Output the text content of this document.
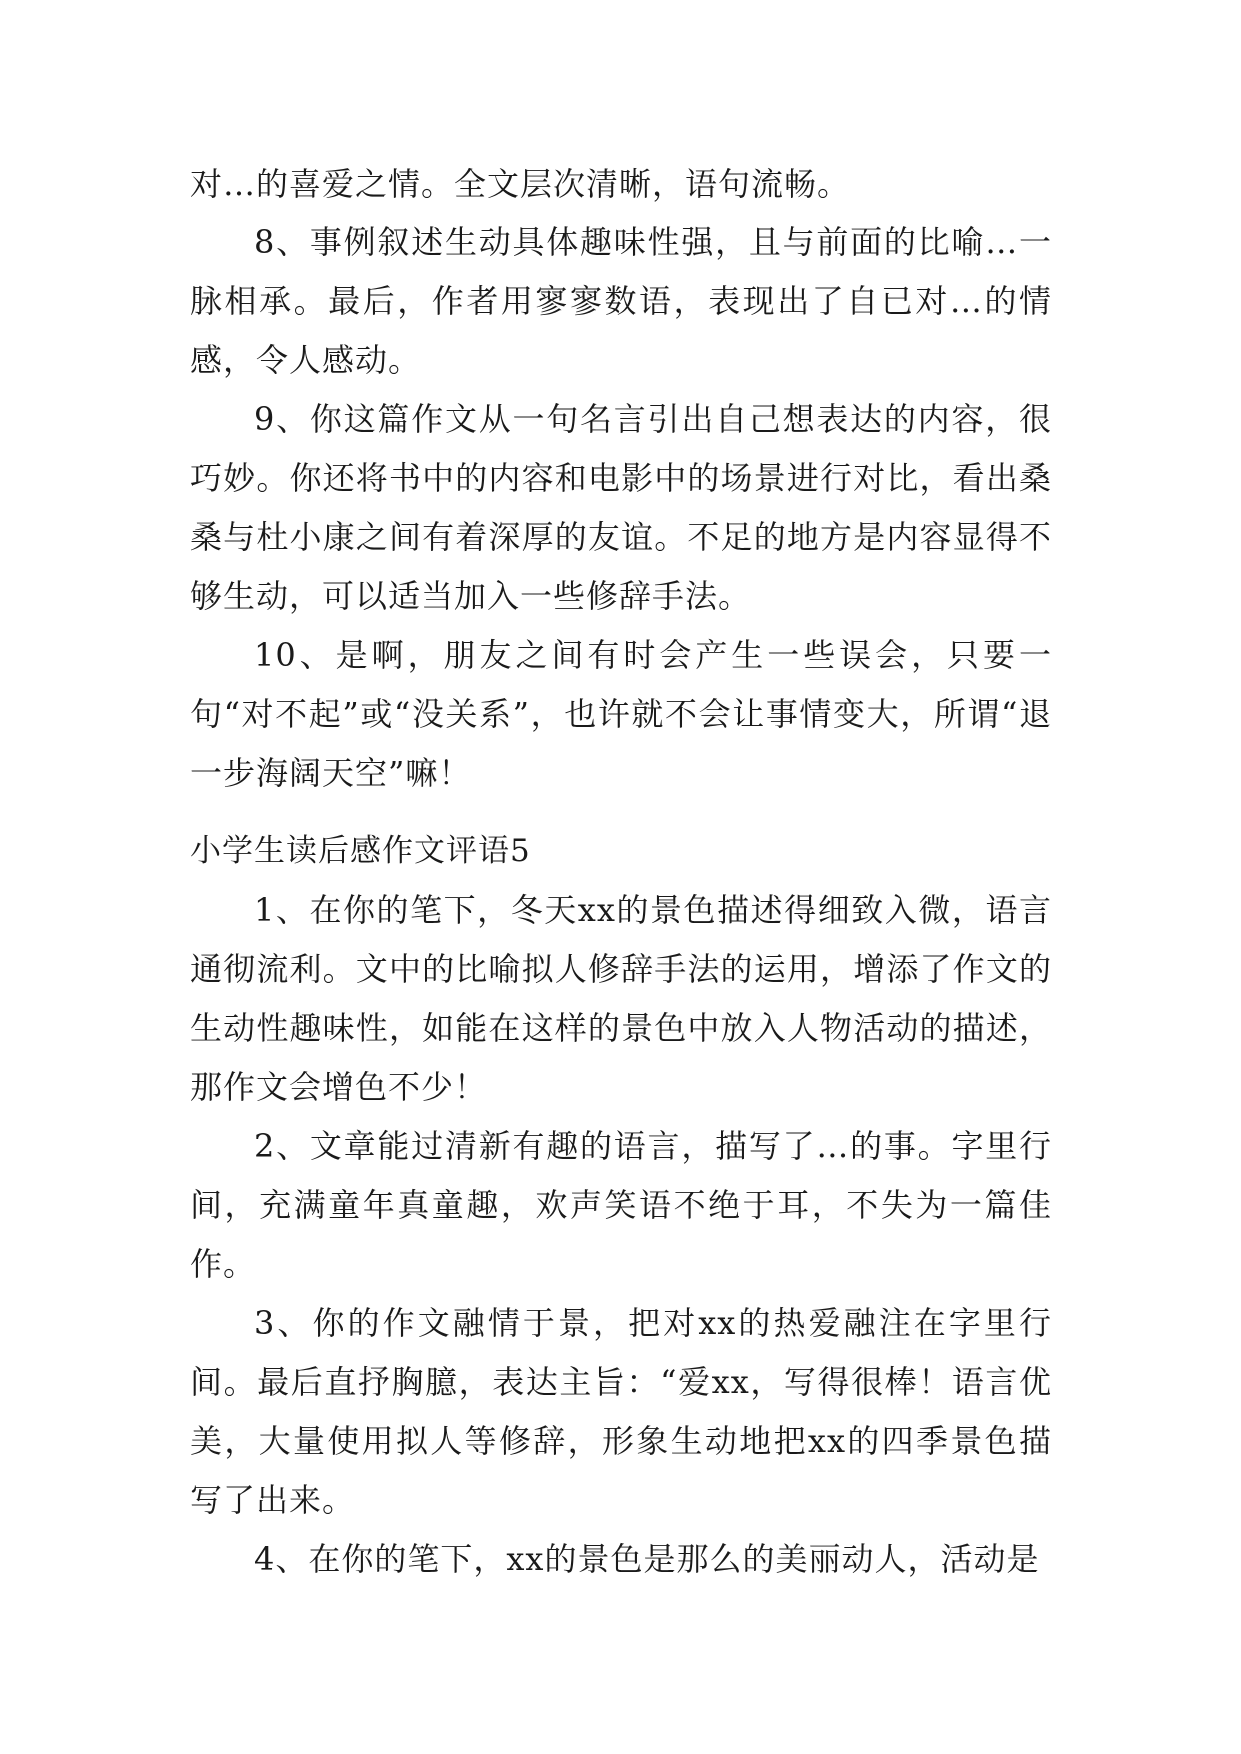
对…的喜爱之情。全文层次清晰，语句流畅。

8、事例叙述生动具体趣味性强，且与前面的比喻…一脉相承。最后，作者用寥寥数语，表现出了自已对…的情感，令人感动。

9、你这篇作文从一句名言引出自己想表达的内容，很巧妙。你还将书中的内容和电影中的场景进行对比，看出桑桑与杜小康之间有着深厚的友谊。不足的地方是内容显得不够生动，可以适当加入一些修辞手法。

10、是啊，朋友之间有时会产生一些误会，只要一句“对不起”或“没关系”，也许就不会让事情变大，所谓“退一步海阔天空”嘛！

小学生读后感作文评语5

1、在你的笔下，冬天xx的景色描述得细致入微，语言通彻流利。文中的比喻拟人修辞手法的运用，增添了作文的生动性趣味性，如能在这样的景色中放入人物活动的描述，那作文会增色不少！

2、文章能过清新有趣的语言，描写了…的事。字里行间，充满童年真童趣，欢声笑语不绝于耳，不失为一篇佳作。

3、你的作文融情于景，把对xx的热爱融注在字里行间。最后直抒胸臆，表达主旨：“爱xx，写得很棒！语言优美，大量使用拟人等修辞，形象生动地把xx的四季景色描写了出来。

4、在你的笔下，xx的景色是那么的美丽动人，活动是
